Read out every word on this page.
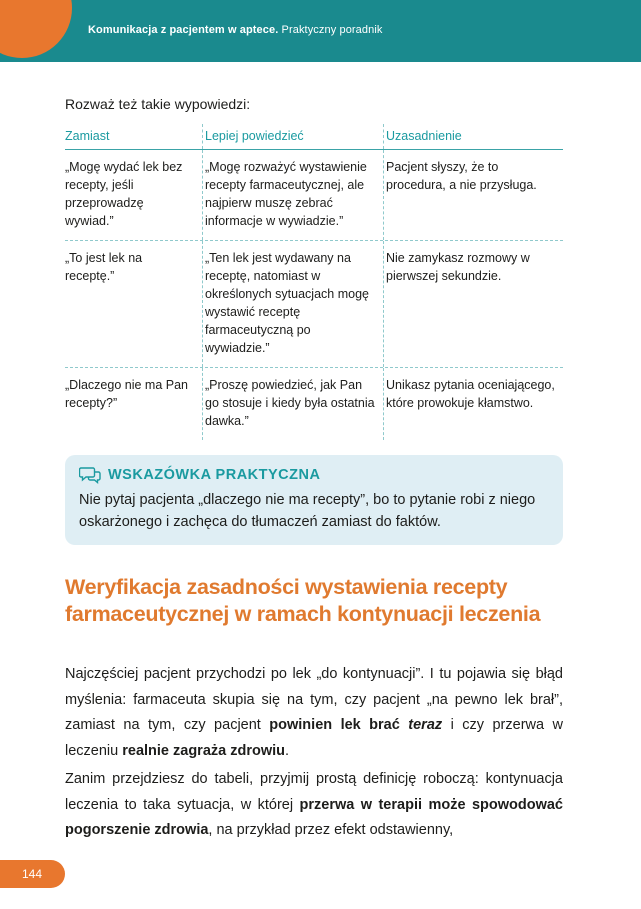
Komunikacja z pacjentem w aptece. Praktyczny poradnik
Rozważ też takie wypowiedzi:
Zamiast	Lepiej powiedzieć	Uzasadnienie
„Mogę wydać lek bez recepty, jeśli przeprowadzę wywiad.”
„Mogę rozważyć wystawienie recepty farmaceutycznej, ale najpierw muszę zebrać informacje w wywiadzie.”
Pacjent słyszy, że to procedura, a nie przysługa.
„To jest lek na receptę.”
„Ten lek jest wydawany na receptę, natomiast w określonych sytuacjach mogę wystawić receptę farmaceutyczną po wywiadzie.”
Nie zamykasz rozmowy w pierwszej sekundzie.
„Dlaczego nie ma Pan recepty?”
„Proszę powiedzieć, jak Pan go stosuje i kiedy była ostatnia dawka.”
Unikasz pytania oceniającego, które prowokuje kłamstwo.
WSKAZÓWKA PRAKTYCZNA
Nie pytaj pacjenta „dlaczego nie ma recepty”, bo to pytanie robi z niego oskarżonego i zachęca do tłumaczeń zamiast do faktów.
Weryfikacja zasadności wystawienia recepty farmaceutycznej w ramach kontynuacji leczenia

Najczęściej pacjent przychodzi po lek „do kontynuacji”. I tu pojawia się błąd myślenia: farmaceuta skupia się na tym, czy pacjent „na pewno lek brał”, zamiast na tym, czy pacjent powinien lek brać teraz i czy przerwa w leczeniu realnie zagraża zdrowiu.

Zanim przejdziesz do tabeli, przyjmij prostą definicję roboczą: kontynuacja leczenia to taka sytuacja, w której przerwa w terapii może spowodować pogorszenie zdrowia, na przykład przez efekt odstawienny,

144
